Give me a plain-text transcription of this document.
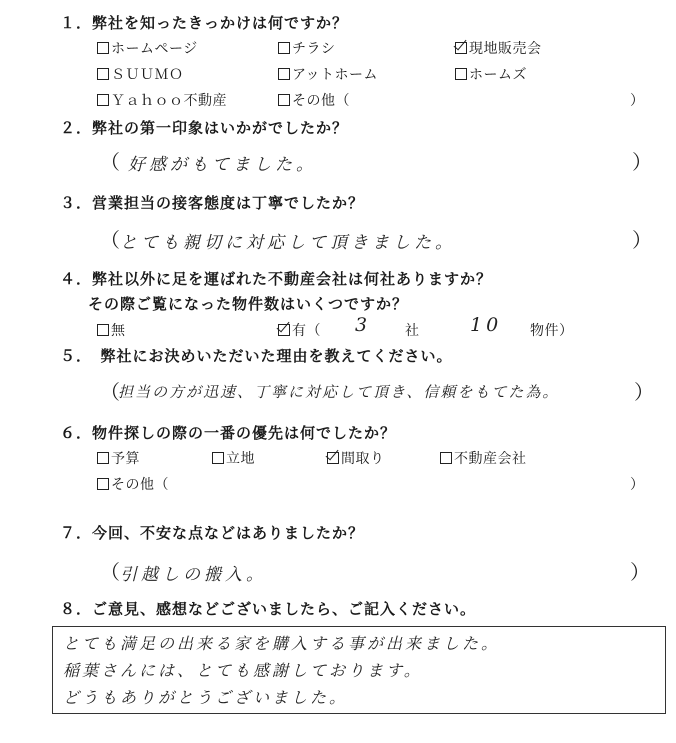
１．弊社を知ったきっかけは何ですか？
ホームページ	チラシ	現地販売会
ＳＵＵＭＯ	アットホーム	ホームズ
Ｙａｈｏｏ不動産	その他（	）
２．弊社の第一印象はいかがでしたか？
（ 好感がもてました。	）
３．営業担当の接客態度は丁寧でしたか？
（ とても親切に対応して頂きました。	）
４．弊社以外に足を運ばれた不動産会社は何社ありますか？
その際ご覧になった物件数はいくつですか？
無	有（ 3 社	10 物件）
５．　弊社にお決めいただいた理由を教えてください。
（
担当の方が迅速、丁寧に対応して頂き、信頼をもてた為。	）
６．物件探しの際の一番の優先は何でしたか？
予算	立地	間取り	不動産会社
その他（	）
７．今回、不安な点などはありましたか？
（ 引越しの搬入。	）
８．ご意見、感想などございましたら、ご記入ください。
とても満足の出来る家を購入する事が出来ました。
稲葉さんには、とても感謝しております。
どうもありがとうございました。
